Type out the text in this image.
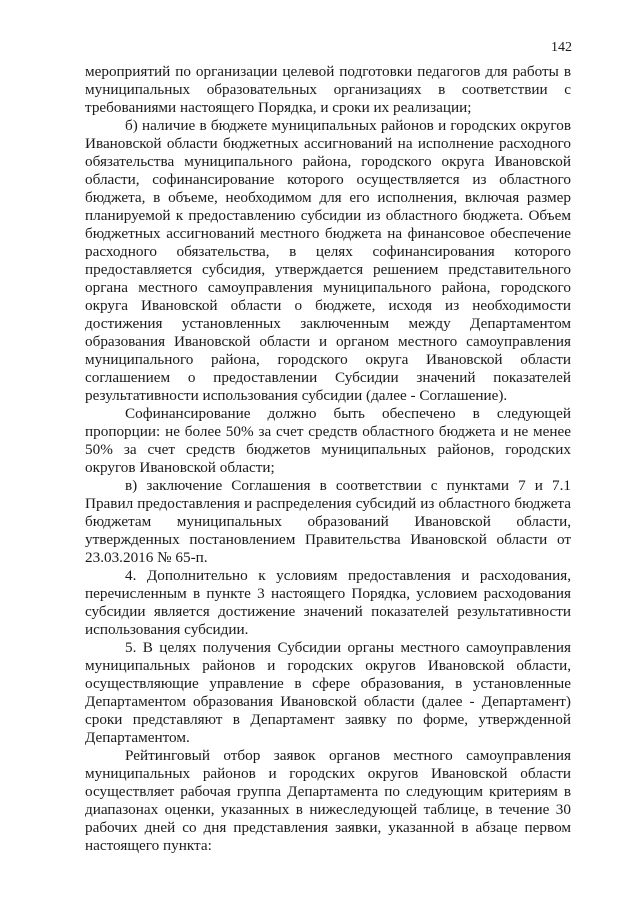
142

мероприятий по организации целевой подготовки педагогов для работы в муниципальных образовательных организациях в соответствии с требованиями настоящего Порядка, и сроки их реализации;

б) наличие в бюджете муниципальных районов и городских округов Ивановской области бюджетных ассигнований на исполнение расходного обязательства муниципального района, городского округа Ивановской области, софинансирование которого осуществляется из областного бюджета, в объеме, необходимом для его исполнения, включая размер планируемой к предоставлению субсидии из областного бюджета. Объем бюджетных ассигнований местного бюджета на финансовое обеспечение расходного обязательства, в целях софинансирования которого предоставляется субсидия, утверждается решением представительного органа местного самоуправления муниципального района, городского округа Ивановской области о бюджете, исходя из необходимости достижения установленных заключенным между Департаментом образования Ивановской области и органом местного самоуправления муниципального района, городского округа Ивановской области соглашением о предоставлении Субсидии значений показателей результативности использования субсидии (далее - Соглашение).

Софинансирование должно быть обеспечено в следующей пропорции: не более 50% за счет средств областного бюджета и не менее 50% за счет средств бюджетов муниципальных районов, городских округов Ивановской области;

в) заключение Соглашения в соответствии с пунктами 7 и 7.1 Правил предоставления и распределения субсидий из областного бюджета бюджетам муниципальных образований Ивановской области, утвержденных постановлением Правительства Ивановской области от 23.03.2016 № 65-п.

4. Дополнительно к условиям предоставления и расходования, перечисленным в пункте 3 настоящего Порядка, условием расходования субсидии является достижение значений показателей результативности использования субсидии.

5. В целях получения Субсидии органы местного самоуправления муниципальных районов и городских округов Ивановской области, осуществляющие управление в сфере образования, в установленные Департаментом образования Ивановской области (далее - Департамент) сроки представляют в Департамент заявку по форме, утвержденной Департаментом.

Рейтинговый отбор заявок органов местного самоуправления муниципальных районов и городских округов Ивановской области осуществляет рабочая группа Департамента по следующим критериям в диапазонах оценки, указанных в нижеследующей таблице, в течение 30 рабочих дней со дня представления заявки, указанной в абзаце первом настоящего пункта:
